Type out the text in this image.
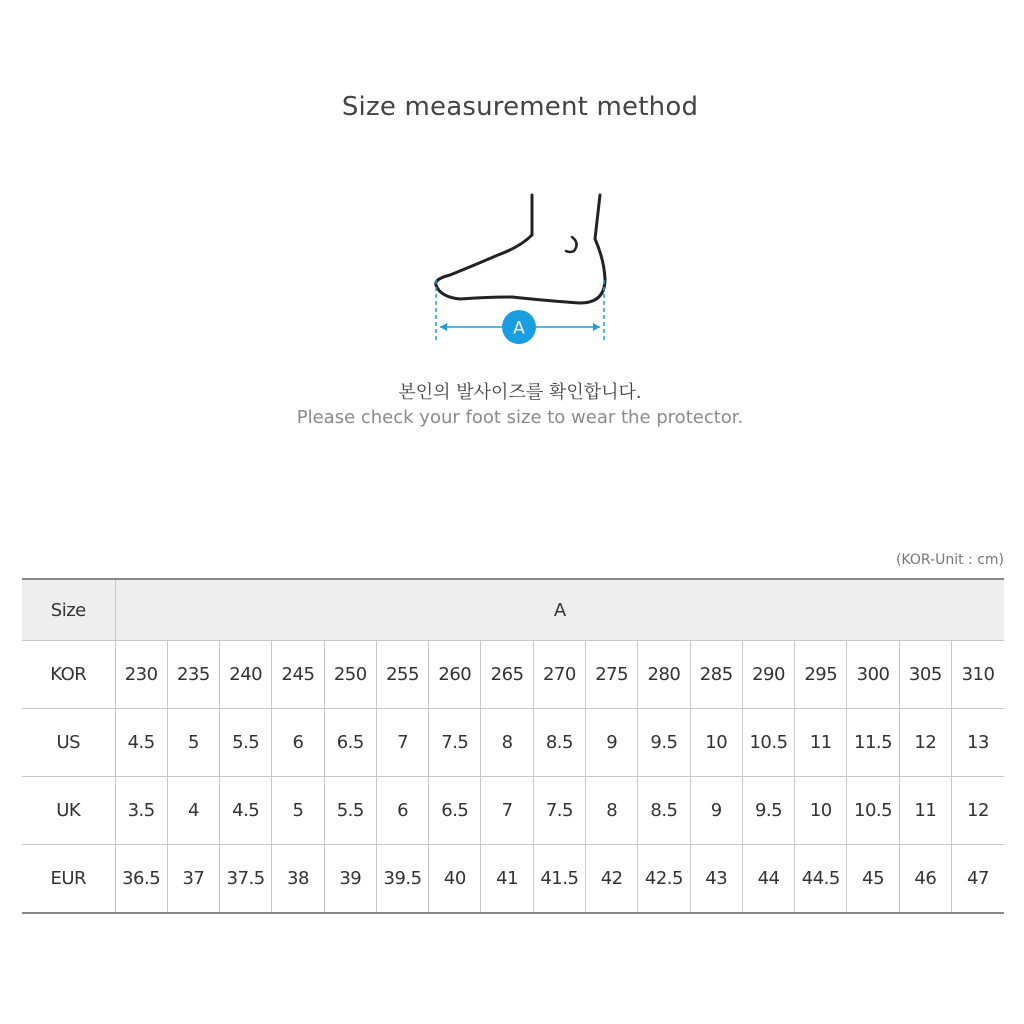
Size measurement method
A
본인의 발사이즈를 확인합니다.
Please check your foot size to wear the protector.
(KOR-Unit : cm)
Size	A																
KOR	230	235	240	245	250	255	260	265	270	275	280	285	290	295	300	305	310
US	4.5	5	5.5	6	6.5	7	7.5	8	8.5	9	9.5	10	10.5	11	11.5	12	13
UK	3.5	4	4.5	5	5.5	6	6.5	7	7.5	8	8.5	9	9.5	10	10.5	11	12
EUR	36.5	37	37.5	38	39	39.5	40	41	41.5	42	42.5	43	44	44.5	45	46	47
